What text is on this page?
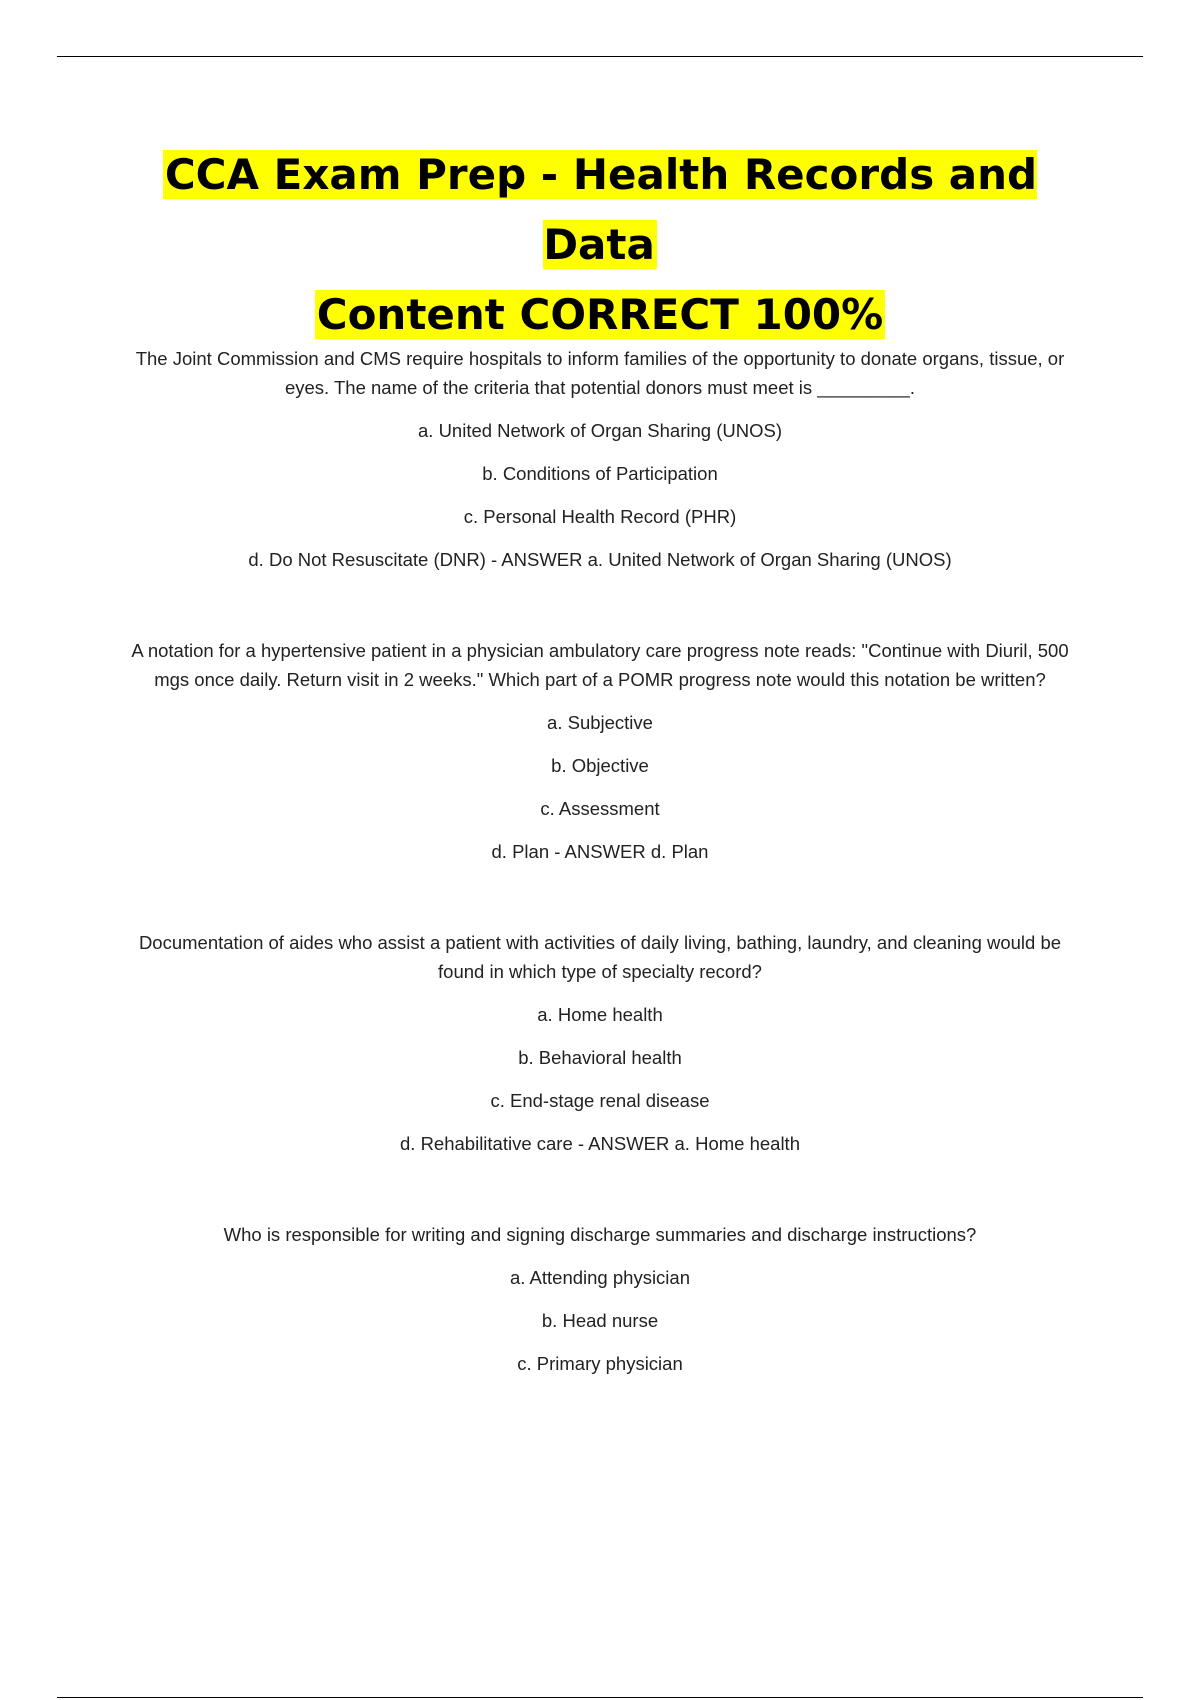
CCA Exam Prep - Health Records and Data
Content CORRECT 100%

The Joint Commission and CMS require hospitals to inform families of the opportunity to donate organs, tissue, or eyes. The name of the criteria that potential donors must meet is _________.

a. United Network of Organ Sharing (UNOS)

b. Conditions of Participation

c. Personal Health Record (PHR)

d. Do Not Resuscitate (DNR) - ANSWER a. United Network of Organ Sharing (UNOS)

A notation for a hypertensive patient in a physician ambulatory care progress note reads: "Continue with Diuril, 500 mgs once daily. Return visit in 2 weeks." Which part of a POMR progress note would this notation be written?

a. Subjective

b. Objective

c. Assessment

d. Plan - ANSWER d. Plan

Documentation of aides who assist a patient with activities of daily living, bathing, laundry, and cleaning would be found in which type of specialty record?

a. Home health

b. Behavioral health

c. End-stage renal disease

d. Rehabilitative care - ANSWER a. Home health

Who is responsible for writing and signing discharge summaries and discharge instructions?

a. Attending physician

b. Head nurse

c. Primary physician
